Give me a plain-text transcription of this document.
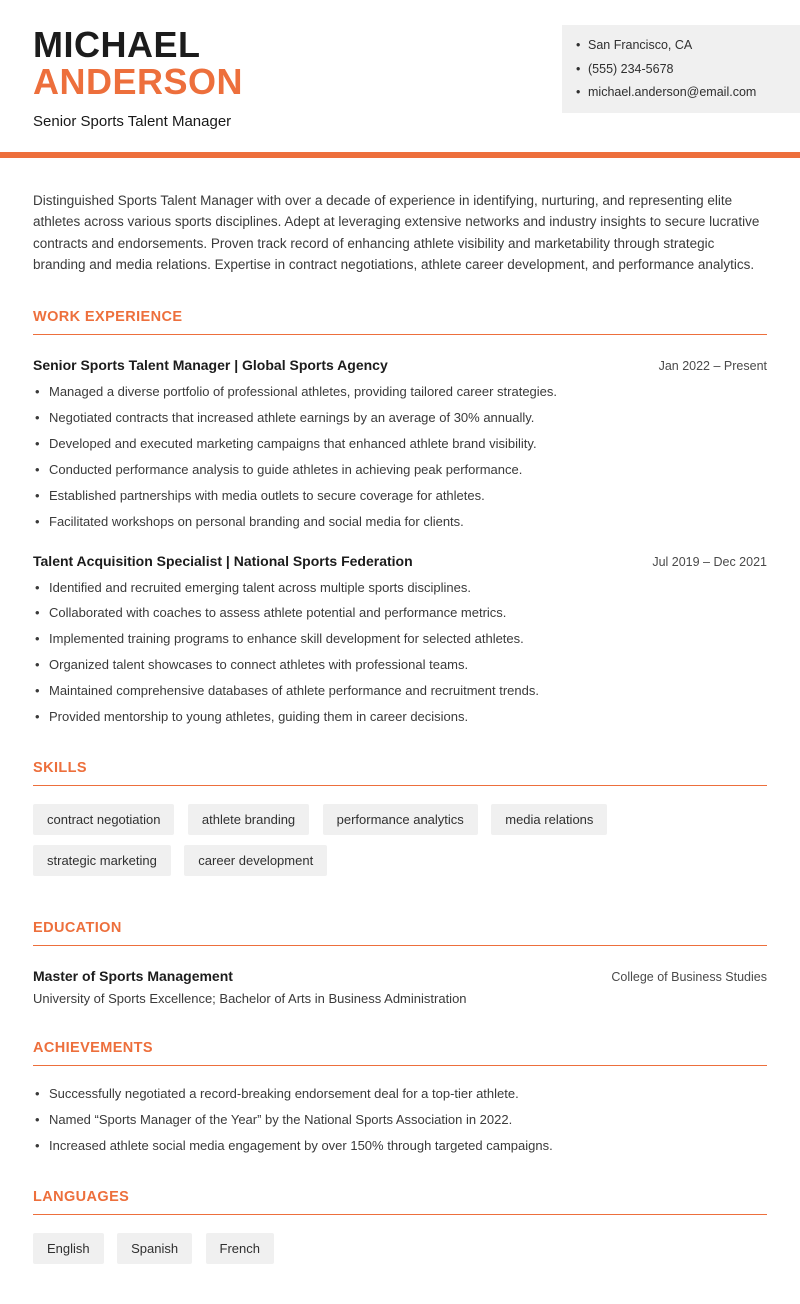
MICHAEL
ANDERSON
Senior Sports Talent Manager
• San Francisco, CA
• (555) 234-5678
• michael.anderson@email.com

Distinguished Sports Talent Manager with over a decade of experience in identifying, nurturing, and representing elite athletes across various sports disciplines. Adept at leveraging extensive networks and industry insights to secure lucrative contracts and endorsements. Proven track record of enhancing athlete visibility and marketability through strategic branding and media relations. Expertise in contract negotiations, athlete career development, and performance analytics.

WORK EXPERIENCE
Senior Sports Talent Manager | Global Sports Agency	Jan 2022 – Present
• Managed a diverse portfolio of professional athletes, providing tailored career strategies.
• Negotiated contracts that increased athlete earnings by an average of 30% annually.
• Developed and executed marketing campaigns that enhanced athlete brand visibility.
• Conducted performance analysis to guide athletes in achieving peak performance.
• Established partnerships with media outlets to secure coverage for athletes.
• Facilitated workshops on personal branding and social media for clients.
Talent Acquisition Specialist | National Sports Federation	Jul 2019 – Dec 2021
• Identified and recruited emerging talent across multiple sports disciplines.
• Collaborated with coaches to assess athlete potential and performance metrics.
• Implemented training programs to enhance skill development for selected athletes.
• Organized talent showcases to connect athletes with professional teams.
• Maintained comprehensive databases of athlete performance and recruitment trends.
• Provided mentorship to young athletes, guiding them in career decisions.
SKILLS
contract negotiation	athlete branding	performance analytics	media relations strategic marketing	career development
EDUCATION
Master of Sports Management	College of Business Studies
University of Sports Excellence; Bachelor of Arts in Business Administration
ACHIEVEMENTS
• Successfully negotiated a record-breaking endorsement deal for a top-tier athlete.
• Named “Sports Manager of the Year” by the National Sports Association in 2022.
• Increased athlete social media engagement by over 150% through targeted campaigns.
LANGUAGES
English	Spanish	French
